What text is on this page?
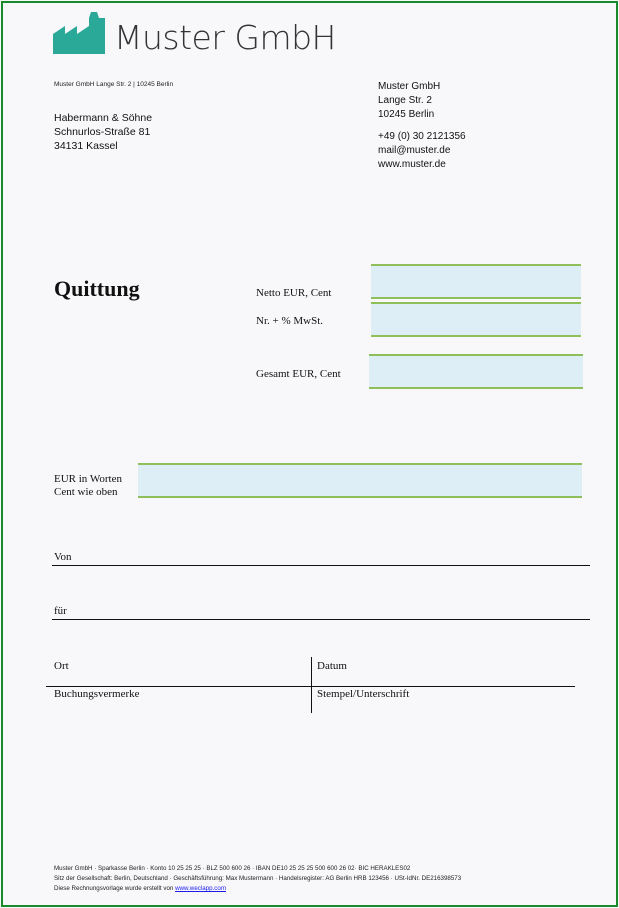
Muster GmbH
Muster GmbH Lange Str. 2 | 10245 Berlin
Habermann & Söhne
Schnurlos-Straße 81
34131 Kassel
Muster GmbH
Lange Str. 2
10245 Berlin
+49 (0) 30 2121356
mail@muster.de
www.muster.de
Quittung	Netto EUR, Cent
Nr. + % MwSt.
Gesamt EUR, Cent
EUR in Worten
Cent wie oben
Von
für
Ort	Datum
Buchungsvermerke	Stempel/Unterschrift
Muster GmbH · Sparkasse Berlin · Konto 10 25 25 25 · BLZ 500 600 26 · IBAN DE10 25 25 25 500 600 26 02· BIC HERAKLES02
Sitz der Gesellschaft: Berlin, Deutschland · Geschäftsführung: Max Mustermann · Handelsregister: AG Berlin HRB 123456 · USt-IdNr. DE216398573
Diese Rechnungsvorlage wurde erstellt von www.weclapp.com
